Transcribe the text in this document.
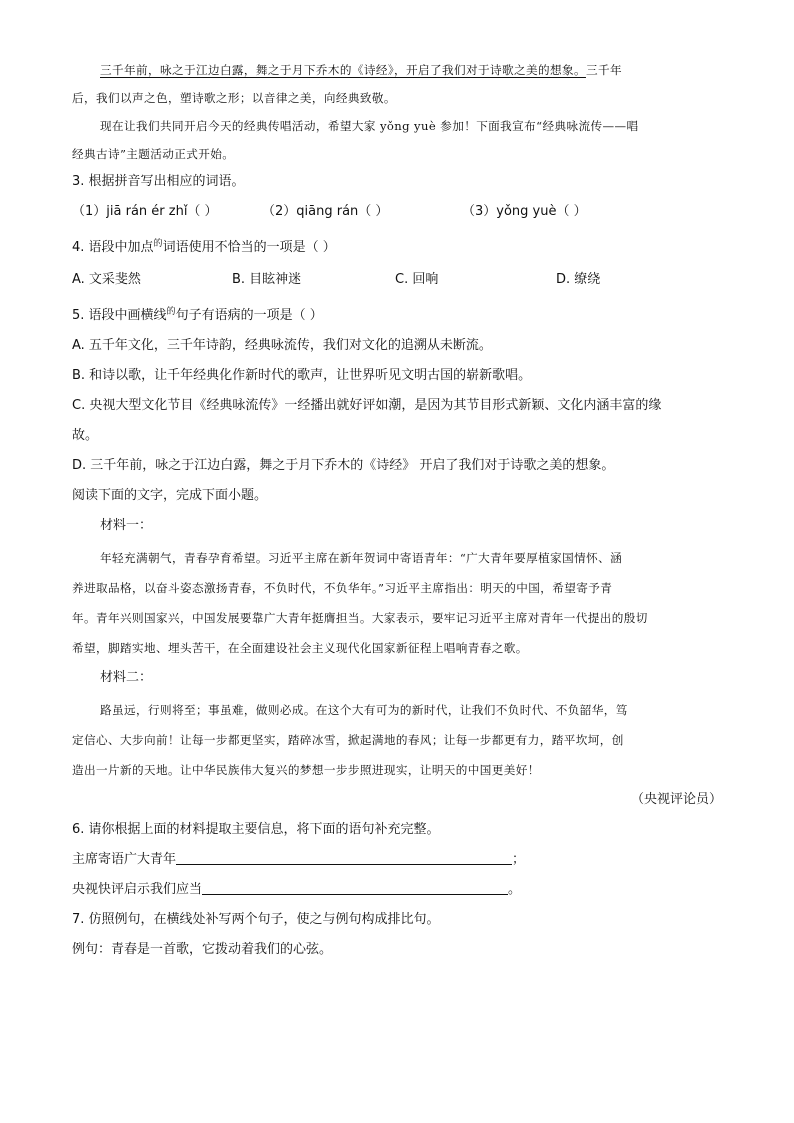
三千年前，咏之于江边白露，舞之于月下乔木的《诗经》，开启了我们对于诗歌之美的想象。三千年
后，我们以声之色，塑诗歌之形；以音律之美，向经典致敬。
现在让我们共同开启今天的经典传唱活动，希望大家 yǒng yuè 参加！下面我宣布“经典咏流传——唱
经典古诗”主题活动正式开始。
3. 根据拼音写出相应的词语。
（1）jiā rán ér zhǐ（ ）	（2）qiāng rán（ ）	（3）yǒng yuè（ ）
4. 语段中加点$^的$词语使用不恰当的一项是（ ）
A. 文采斐然	B. 目眩神迷	C. 回响	D. 缭绕
5. 语段中画横线$^的$句子有语病的一项是（ ）
A. 五千年文化，三千年诗韵，经典咏流传，我们对文化的追溯从未断流。
B. 和诗以歌，让千年经典化作新时代的歌声，让世界听见文明古国的崭新歌唱。
C. 央视大型文化节目《经典咏流传》一经播出就好评如潮，是因为其节目形式新颖、文化内涵丰富的缘
故。
D. 三千年前，咏之于江边白露，舞之于月下乔木的《诗经》 开启了我们对于诗歌之美的想象。
阅读下面的文字，完成下面小题。
材料一：
年轻充满朝气，青春孕育希望。习近平主席在新年贺词中寄语青年：“广大青年要厚植家国情怀、涵
养进取品格，以奋斗姿态激扬青春，不负时代，不负华年。”习近平主席指出：明天的中国，希望寄予青
年。青年兴则国家兴，中国发展要靠广大青年挺膺担当。大家表示，要牢记习近平主席对青年一代提出的殷切
希望，脚踏实地、埋头苦干，在全面建设社会主义现代化国家新征程上唱响青春之歌。
材料二：
路虽远，行则将至；事虽难，做则必成。在这个大有可为的新时代，让我们不负时代、不负韶华，笃
定信心、大步向前！让每一步都更坚实，踏碎冰雪，掀起满地的春风；让每一步都更有力，踏平坎坷，创
造出一片新的天地。让中华民族伟大复兴的梦想一步步照进现实，让明天的中国更美好！
（央视评论员）
6. 请你根据上面的材料提取主要信息，将下面的语句补充完整。
主席寄语广大青年	；
央视快评启示我们应当	。
7. 仿照例句，在横线处补写两个句子，使之与例句构成排比句。
例句：青春是一首歌，它拨动着我们的心弦。
